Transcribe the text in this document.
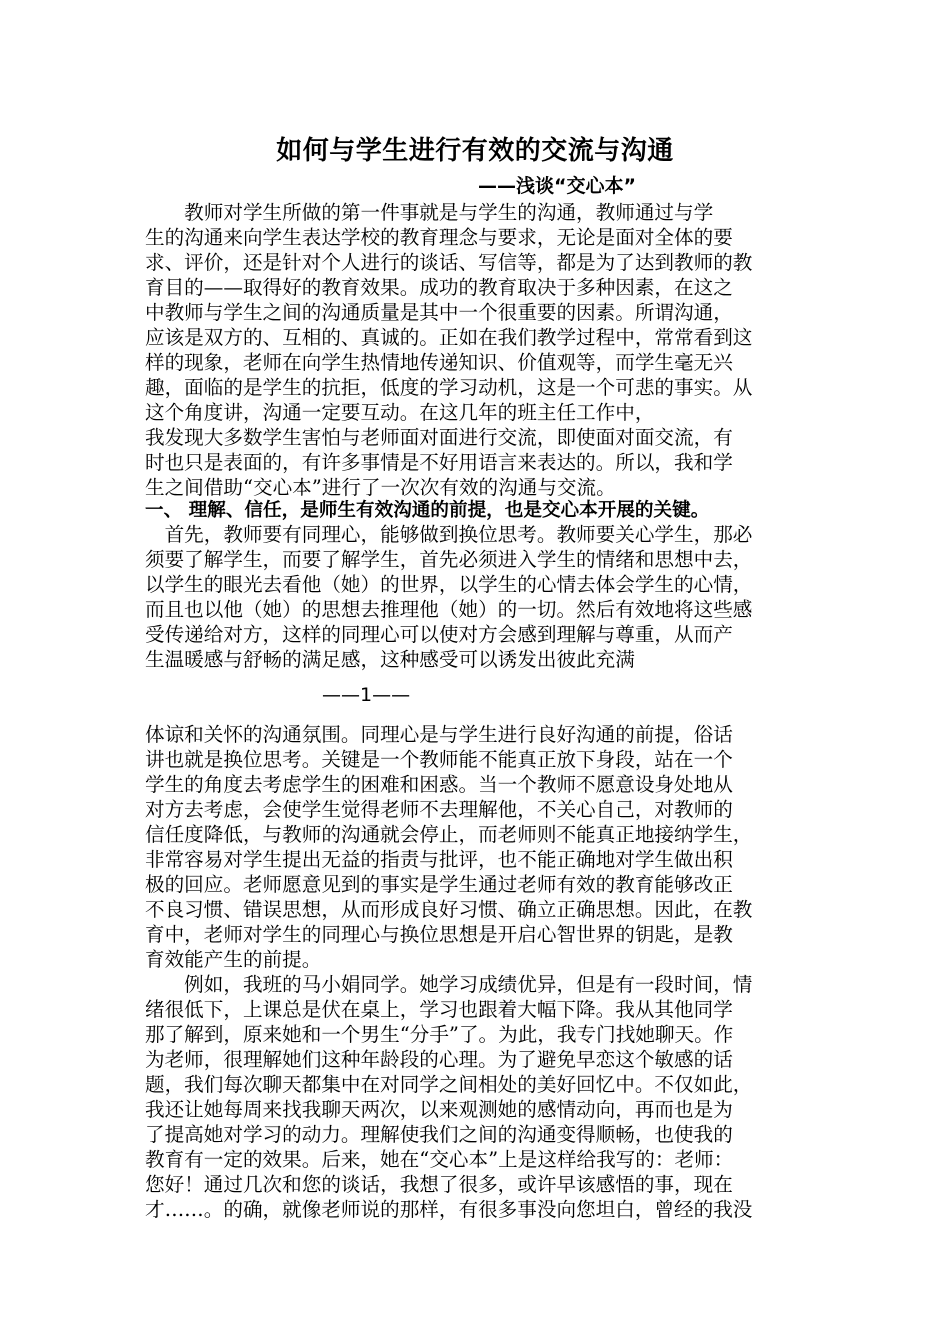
如何与学生进行有效的交流与沟通
——浅谈“交心本”
　　教师对学生所做的第一件事就是与学生的沟通，教师通过与学
生的沟通来向学生表达学校的教育理念与要求，无论是面对全体的要
求、评价，还是针对个人进行的谈话、写信等，都是为了达到教师的教
育目的——取得好的教育效果。成功的教育取决于多种因素，在这之
中教师与学生之间的沟通质量是其中一个很重要的因素。所谓沟通，
应该是双方的、互相的、真诚的。正如在我们教学过程中，常常看到这
样的现象，老师在向学生热情地传递知识、价值观等，而学生毫无兴
趣，面临的是学生的抗拒，低度的学习动机，这是一个可悲的事实。从
这个角度讲，沟通一定要互动。在这几年的班主任工作中，
我发现大多数学生害怕与老师面对面进行交流，即使面对面交流，有
时也只是表面的，有许多事情是不好用语言来表达的。所以，我和学
生之间借助“交心本”进行了一次次有效的沟通与交流。
一、 理解、信任，是师生有效沟通的前提，也是交心本开展的关键。
　首先，教师要有同理心，能够做到换位思考。教师要关心学生，那必
须要了解学生，而要了解学生，首先必须进入学生的情绪和思想中去，
以学生的眼光去看他（她）的世界，以学生的心情去体会学生的心情，
而且也以他（她）的思想去推理他（她）的一切。然后有效地将这些感
受传递给对方，这样的同理心可以使对方会感到理解与尊重，从而产
生温暖感与舒畅的满足感，这种感受可以诱发出彼此充满
——1——
体谅和关怀的沟通氛围。同理心是与学生进行良好沟通的前提，俗话
讲也就是换位思考。关键是一个教师能不能真正放下身段，站在一个
学生的角度去考虑学生的困难和困惑。当一个教师不愿意设身处地从
对方去考虑，会使学生觉得老师不去理解他，不关心自己，对教师的
信任度降低，与教师的沟通就会停止，而老师则不能真正地接纳学生，
非常容易对学生提出无益的指责与批评，也不能正确地对学生做出积
极的回应。老师愿意见到的事实是学生通过老师有效的教育能够改正
不良习惯、错误思想，从而形成良好习惯、确立正确思想。因此，在教
育中，老师对学生的同理心与换位思想是开启心智世界的钥匙，是教
育效能产生的前提。
　　例如，我班的马小娟同学。她学习成绩优异，但是有一段时间，情
绪很低下，上课总是伏在桌上，学习也跟着大幅下降。我从其他同学
那了解到，原来她和一个男生“分手”了。为此，我专门找她聊天。作
为老师，很理解她们这种年龄段的心理。为了避免早恋这个敏感的话
题，我们每次聊天都集中在对同学之间相处的美好回忆中。不仅如此，
我还让她每周来找我聊天两次，以来观测她的感情动向，再而也是为
了提高她对学习的动力。理解使我们之间的沟通变得顺畅，也使我的
教育有一定的效果。后来，她在“交心本”上是这样给我写的：老师：
您好！通过几次和您的谈话，我想了很多，或许早该感悟的事，现在
才……。的确，就像老师说的那样，有很多事没向您坦白，曾经的我没
